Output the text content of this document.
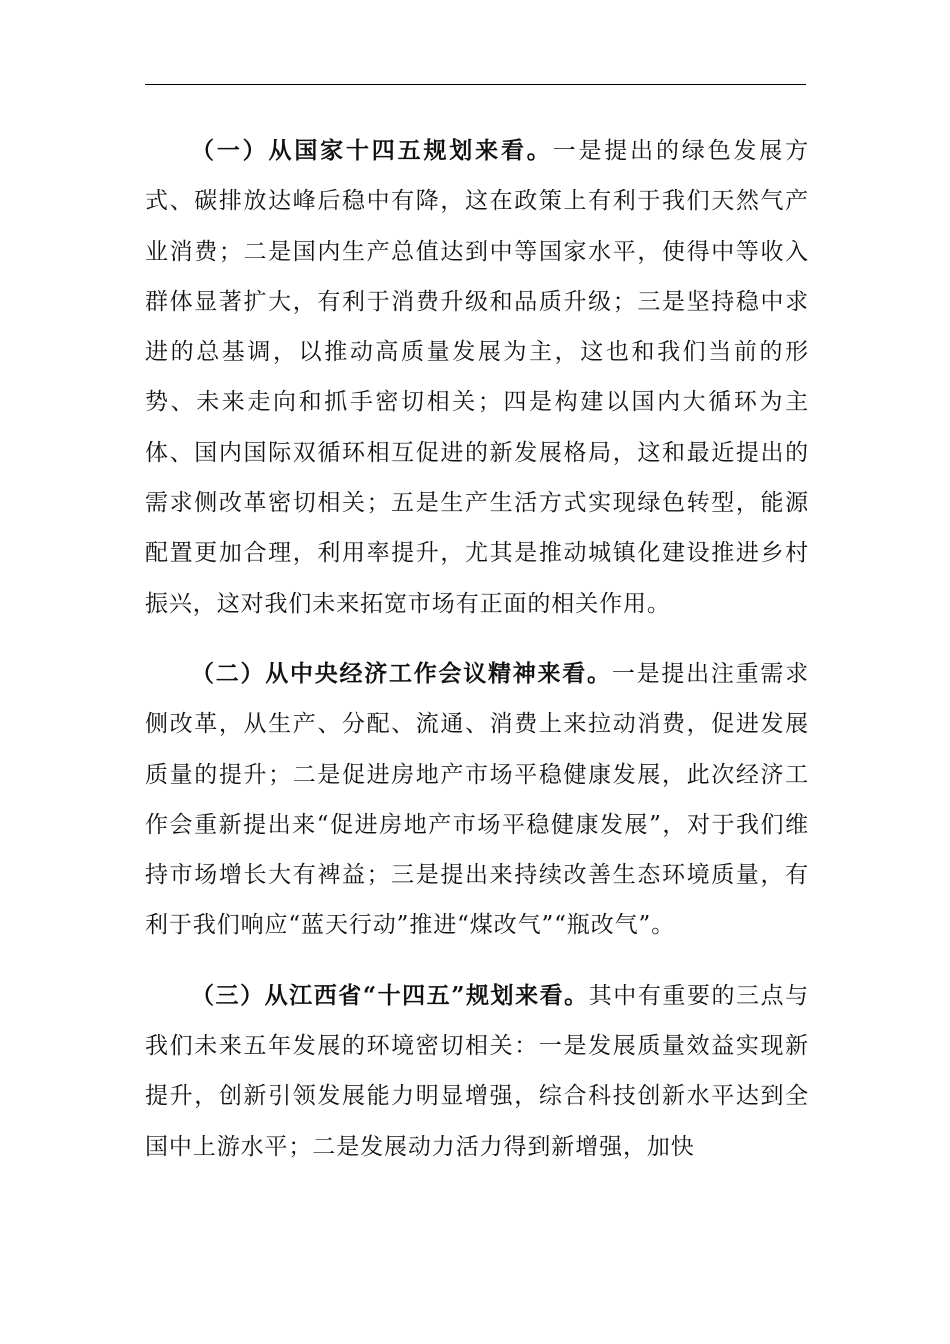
（一）从国家十四五规划来看。一是提出的绿色发展方式、碳排放达峰后稳中有降，这在政策上有利于我们天然气产业消费；二是国内生产总值达到中等国家水平，使得中等收入群体显著扩大，有利于消费升级和品质升级；三是坚持稳中求进的总基调，以推动高质量发展为主，这也和我们当前的形势、未来走向和抓手密切相关；四是构建以国内大循环为主体、国内国际双循环相互促进的新发展格局，这和最近提出的需求侧改革密切相关；五是生产生活方式实现绿色转型，能源配置更加合理，利用率提升，尤其是推动城镇化建设推进乡村振兴，这对我们未来拓宽市场有正面的相关作用。

（二）从中央经济工作会议精神来看。一是提出注重需求侧改革，从生产、分配、流通、消费上来拉动消费，促进发展质量的提升；二是促进房地产市场平稳健康发展，此次经济工作会重新提出来“促进房地产市场平稳健康发展”，对于我们维持市场增长大有裨益；三是提出来持续改善生态环境质量，有利于我们响应“蓝天行动”推进“煤改气”“瓶改气”。

（三）从江西省“十四五”规划来看。其中有重要的三点与我们未来五年发展的环境密切相关：一是发展质量效益实现新提升，创新引领发展能力明显增强，综合科技创新水平达到全国中上游水平；二是发展动力活力得到新增强，加快
